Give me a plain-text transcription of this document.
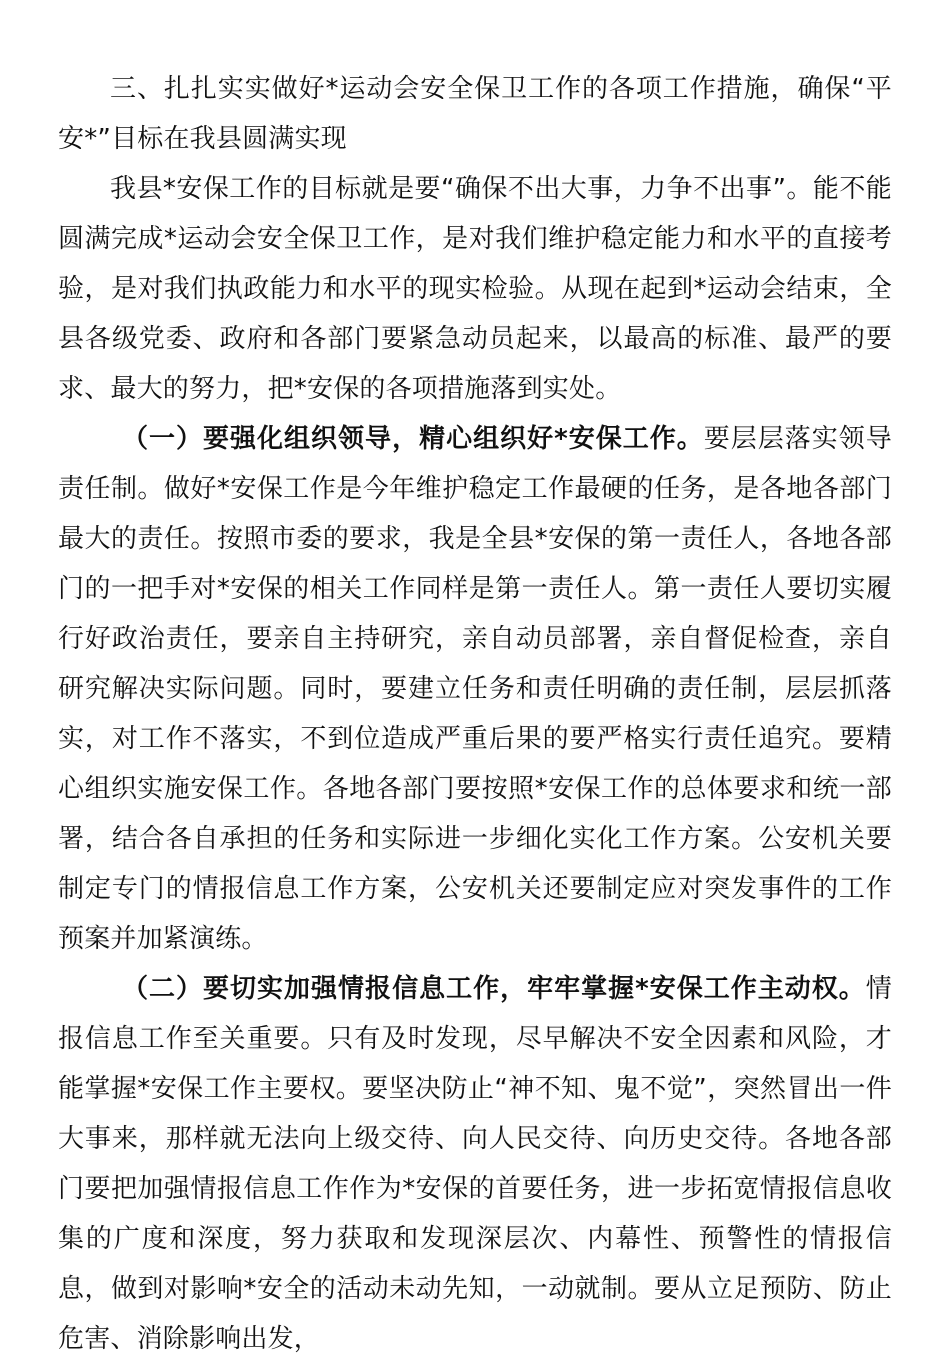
三、扎扎实实做好*运动会安全保卫工作的各项工作措施，确保“平安*”目标在我县圆满实现

我县*安保工作的目标就是要“确保不出大事，力争不出事”。能不能圆满完成*运动会安全保卫工作，是对我们维护稳定能力和水平的直接考验，是对我们执政能力和水平的现实检验。从现在起到*运动会结束，全县各级党委、政府和各部门要紧急动员起来，以最高的标准、最严的要求、最大的努力，把*安保的各项措施落到实处。

（一）要强化组织领导，精心组织好*安保工作。要层层落实领导责任制。做好*安保工作是今年维护稳定工作最硬的任务，是各地各部门最大的责任。按照市委的要求，我是全县*安保的第一责任人，各地各部门的一把手对*安保的相关工作同样是第一责任人。第一责任人要切实履行好政治责任，要亲自主持研究，亲自动员部署，亲自督促检查，亲自研究解决实际问题。同时，要建立任务和责任明确的责任制，层层抓落实，对工作不落实，不到位造成严重后果的要严格实行责任追究。要精心组织实施安保工作。各地各部门要按照*安保工作的总体要求和统一部署，结合各自承担的任务和实际进一步细化实化工作方案。公安机关要制定专门的情报信息工作方案，公安机关还要制定应对突发事件的工作预案并加紧演练。

（二）要切实加强情报信息工作，牢牢掌握*安保工作主动权。情报信息工作至关重要。只有及时发现，尽早解决不安全因素和风险，才能掌握*安保工作主要权。要坚决防止“神不知、鬼不觉”，突然冒出一件大事来，那样就无法向上级交待、向人民交待、向历史交待。各地各部门要把加强情报信息工作作为*安保的首要任务，进一步拓宽情报信息收集的广度和深度，努力获取和发现深层次、内幕性、预警性的情报信息，做到对影响*安全的活动未动先知，一动就制。要从立足预防、防止危害、消除影响出发，
